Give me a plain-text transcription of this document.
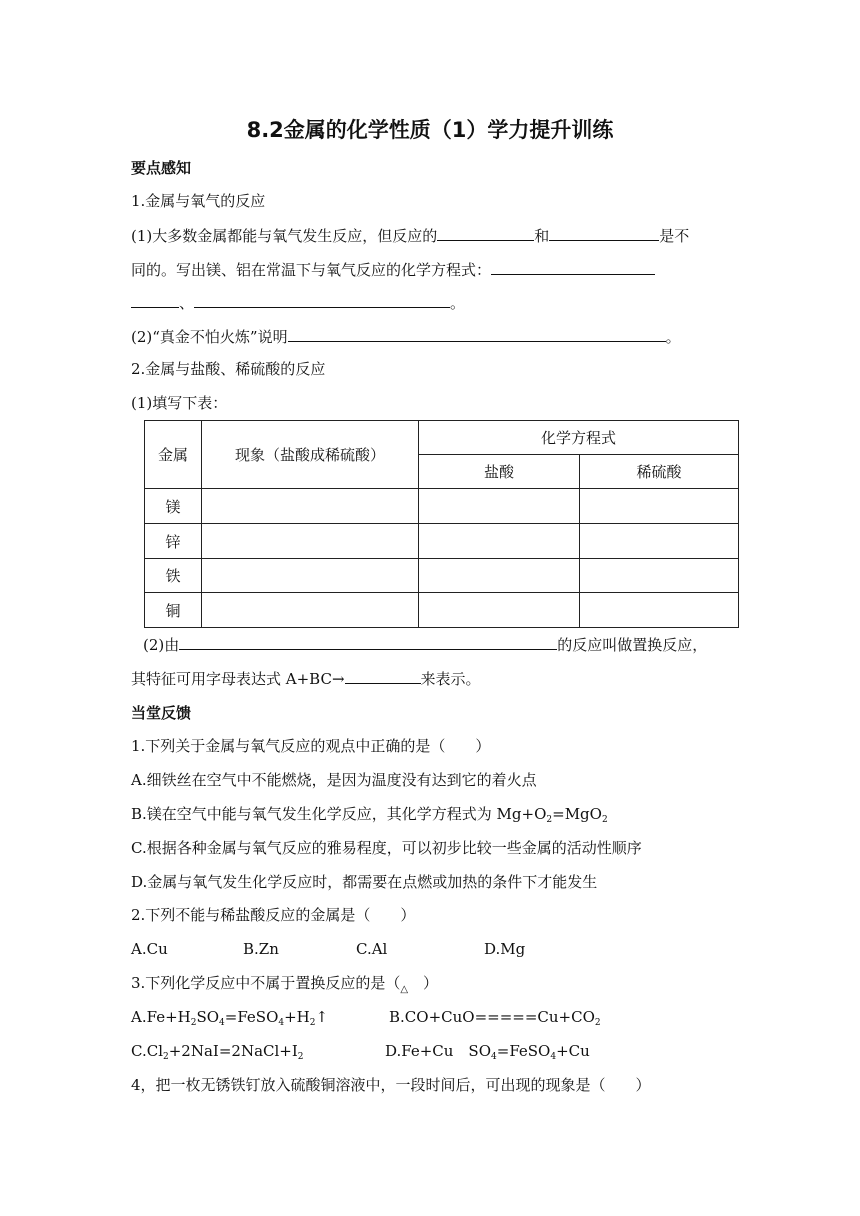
8.2金属的化学性质（1）学力提升训练
要点感知
1.金属与氧气的反应
(1)大多数金属都能与氧气发生反应，但反应的	和	是不
同的。写出镁、铝在常温下与氧气反应的化学方程式：
、	。
(2)“真金不怕火炼”说明	。
2.金属与盐酸、稀硫酸的反应
(1)填写下表：
金属	现象（盐酸成稀硫酸）	化学方程式	
		盐酸	稀硫酸
镁			
锌			
铁			
铜			
(2)由	的反应叫做置换反应，
其特征可用字母表达式 A+BC→	来表示。
当堂反馈
1.下列关于金属与氧气反应的观点中正确的是（　　）
A.细铁丝在空气中不能燃烧，是因为温度没有达到它的着火点
B.镁在空气中能与氧气发生化学反应，其化学方程式为 $Mg+O_2=MgO_2$
C.根据各种金属与氧气反应的雅易程度，可以初步比较一些金属的活动性顺序
D.金属与氧气发生化学反应时，都需要在点燃或加热的条件下才能发生
2.下列不能与稀盐酸反应的金属是（　　）
A.Cu	B.Zn	C.Al	D.Mg
3.下列化学反应中不属于置换反应的是（$_\triangle$　）
$A.Fe+H_2SO_4=FeSO_4+H_2↑$	$B.CO+CuO=====Cu+CO_2$
$C.Cl_2+2NaI=2NaCl+I_2$	D.Fe+Cu　$SO_4=FeSO_4+Cu$
4，把一枚无锈铁钉放入硫酸铜溶液中，一段时间后，可出现的现象是（　　）
